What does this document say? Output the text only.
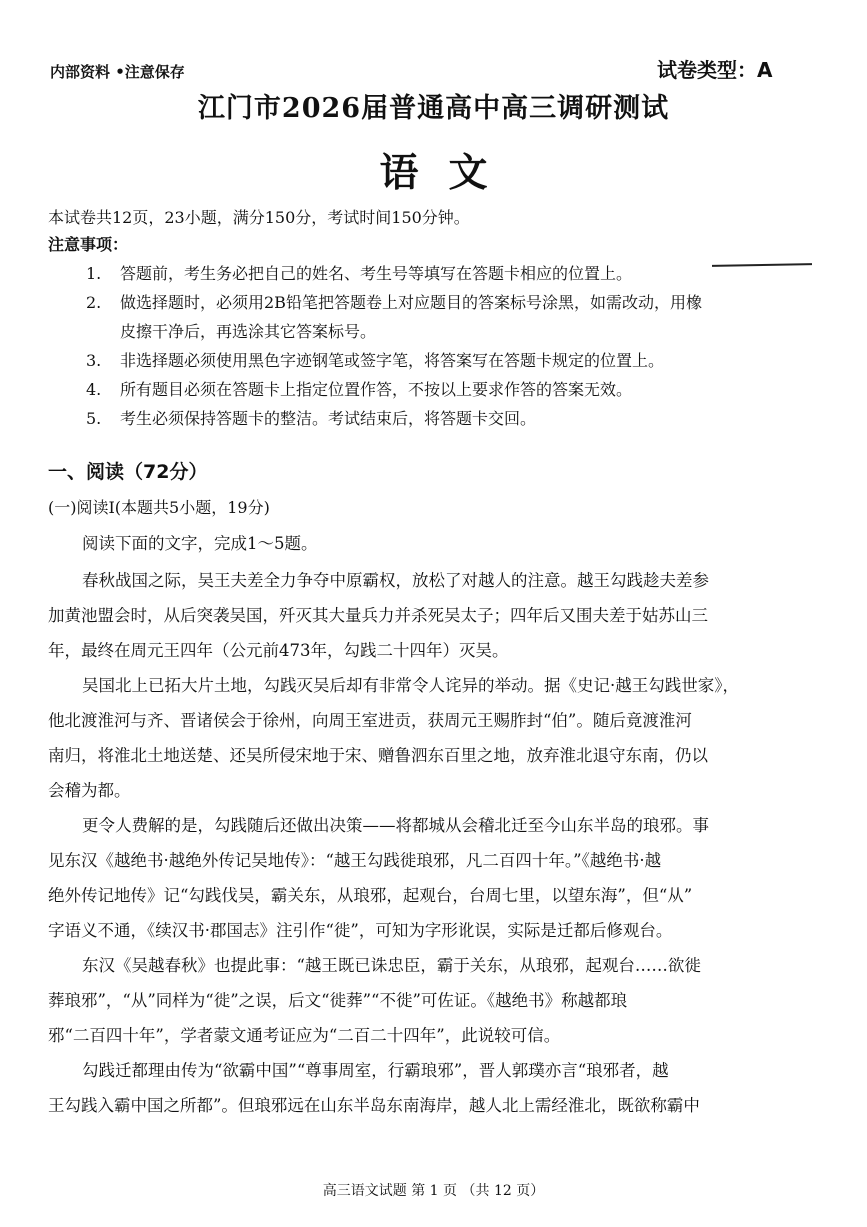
内部资料 •注意保存	试卷类型：A
江门市2026届普通高中高三调研测试
语文
本试卷共12页，23小题，满分150分，考试时间150分钟。
注意事项：
1. 答题前，考生务必把自己的姓名、考生号等填写在答题卡相应的位置上。
2. 做选择题时，必须用2B铅笔把答题卷上对应题目的答案标号涂黑，如需改动，用橡
皮擦干净后，再选涂其它答案标号。
3. 非选择题必须使用黑色字迹钢笔或签字笔，将答案写在答题卡规定的位置上。
4. 所有题目必须在答题卡上指定位置作答，不按以上要求作答的答案无效。
5. 考生必须保持答题卡的整洁。考试结束后，将答题卡交回。
一、阅读（72分）
(一)阅读Ⅰ(本题共5小题，19分)
阅读下面的文字，完成1～5题。
春秋战国之际，吴王夫差全力争夺中原霸权，放松了对越人的注意。越王勾践趁夫差参
加黄池盟会时，从后突袭吴国，歼灭其大量兵力并杀死吴太子；四年后又围夫差于姑苏山三
年，最终在周元王四年（公元前473年，勾践二十四年）灭吴。
吴国北上已拓大片土地，勾践灭吴后却有非常令人诧异的举动。据《史记·越王勾践世家》，
他北渡淮河与齐、晋诸侯会于徐州，向周王室进贡，获周元王赐胙封“伯”。随后竟渡淮河
南归，将淮北土地送楚、还吴所侵宋地于宋、赠鲁泗东百里之地，放弃淮北退守东南，仍以
会稽为都。
更令人费解的是，勾践随后还做出决策——将都城从会稽北迁至今山东半岛的琅邪。事
见东汉《越绝书·越绝外传记吴地传》：“越王勾践徙琅邪，凡二百四十年。”《越绝书·越
绝外传记地传》记“勾践伐吴，霸关东，从琅邪，起观台，台周七里，以望东海”，但“从”
字语义不通，《续汉书·郡国志》注引作“徙”，可知为字形讹误，实际是迁都后修观台。
东汉《吴越春秋》也提此事：“越王既已诛忠臣，霸于关东，从琅邪，起观台……欲徙
葬琅邪”，“从”同样为“徙”之误，后文“徙葬”“不徙”可佐证。《越绝书》称越都琅
邪“二百四十年”，学者蒙文通考证应为“二百二十四年”，此说较可信。
勾践迁都理由传为“欲霸中国”“尊事周室，行霸琅邪”，晋人郭璞亦言“琅邪者，越
王勾践入霸中国之所都”。但琅邪远在山东半岛东南海岸，越人北上需经淮北，既欲称霸中
高三语文试题 第 1 页 （共 12 页）
